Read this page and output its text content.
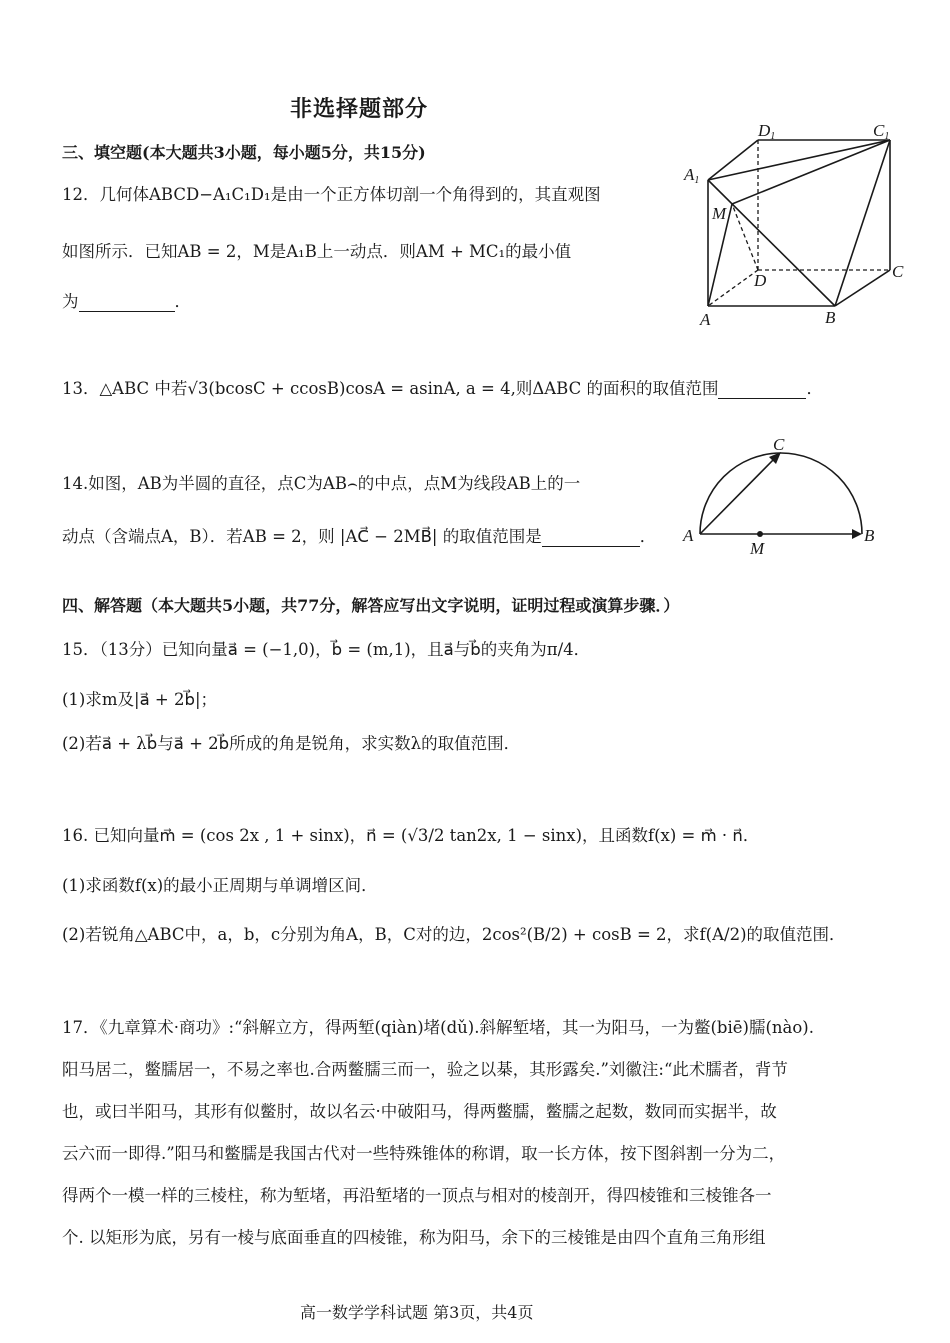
非选择题部分
三、填空题(本大题共3小题，每小题5分，共15分)
12．几何体ABCD−A₁C₁D₁是由一个正方体切剖一个角得到的，其直观图
如图所示．已知AB = 2，M是A₁B上一动点．则AM + MC₁的最小值
为	．
D1	C1
A1
M
D	C
A	B
13．△ABC 中若√3(bcosC + ccosB)cosA = asinA, a = 4,则ΔABC 的面积的取值范围	．
14.如图，AB为半圆的直径，点C为AB⌢的中点，点M为线段AB上的一
动点（含端点A，B）．若AB = 2，则 |AC⃗ − 2MB⃗| 的取值范围是	．
C
A	B
M
四、解答题（本大题共5小题，共77分，解答应写出文字说明，证明过程或演算步骤．）
15．（13分）已知向量a⃗ = (−1,0)，b⃗ = (m,1)，且a⃗与b⃗的夹角为π/4．
(1)求m及|a⃗ + 2b⃗|；
(2)若a⃗ + λb⃗与a⃗ + 2b⃗所成的角是锐角，求实数λ的取值范围．
16. 已知向量m⃗ = (cos 2x , 1 + sinx)，n⃗ = (√3/2 tan2x, 1 − sinx)，且函数f(x) = m⃗ · n⃗．
(1)求函数f(x)的最小正周期与单调增区间．
(2)若锐角△ABC中，a，b，c分别为角A，B，C对的边，2cos²(B/2) + cosB = 2，求f(A/2)的取值范围．
17．《九章算术·商功》:“斜解立方，得两堑(qiàn)堵(dǔ).斜解堑堵，其一为阳马，一为鳖(biē)臑(nào).
阳马居二，鳖臑居一，不易之率也.合两鳖臑三而一，验之以棊，其形露矣.”刘徽注:“此术臑者，背节
也，或曰半阳马，其形有似鳖肘，故以名云·中破阳马，得两鳖臑，鳖臑之起数，数同而实据半，故
云六而一即得.”阳马和鳖臑是我国古代对一些特殊锥体的称谓，取一长方体，按下图斜割一分为二，
得两个一模一样的三棱柱，称为堑堵，再沿堑堵的一顶点与相对的棱剖开，得四棱锥和三棱锥各一
个. 以矩形为底，另有一棱与底面垂直的四棱锥，称为阳马，余下的三棱锥是由四个直角三角形组
高一数学学科试题 第3页，共4页
